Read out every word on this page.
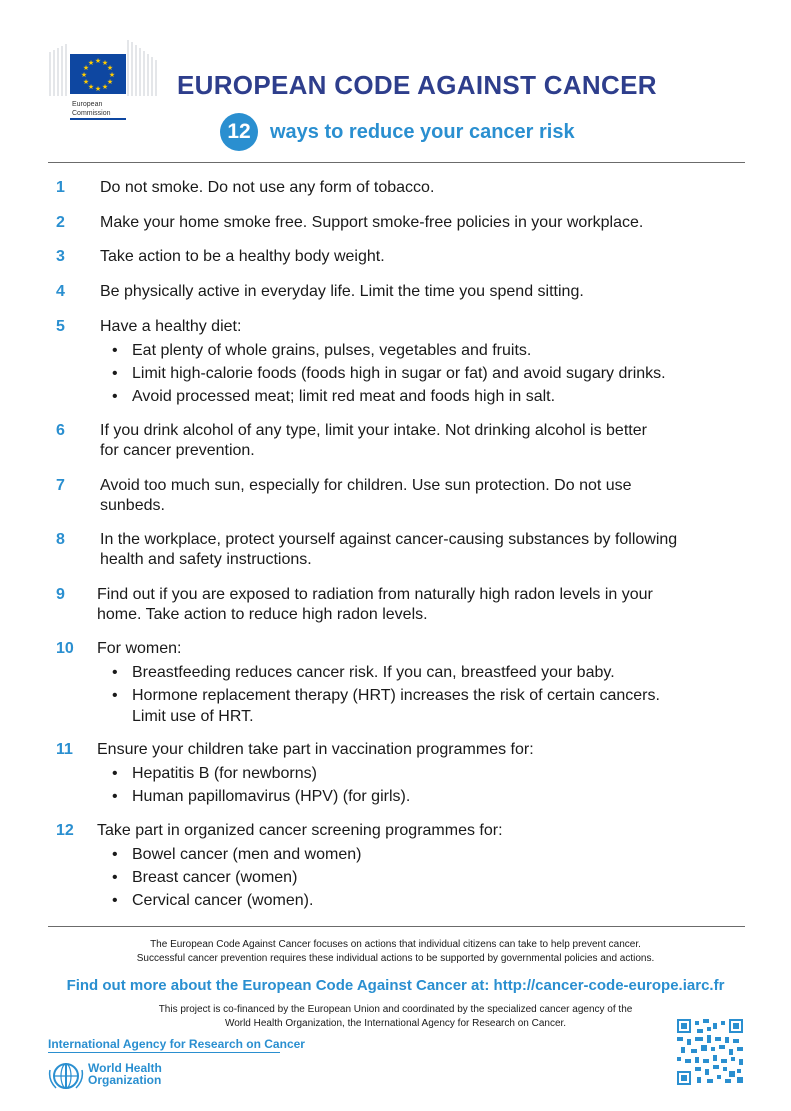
★ ★
★
★
★
★
★
★
★
★
★
★
European
Commission
EUROPEAN CODE AGAINST CANCER
12 ways to reduce your cancer risk
1 Do not smoke. Do not use any form of tobacco.
2 Make your home smoke free. Support smoke-free policies in your workplace.
3 Take action to be a healthy body weight.
4 Be physically active in everyday life. Limit the time you spend sitting.
5 Have a healthy diet:
• Eat plenty of whole grains, pulses, vegetables and fruits.
• Limit high-calorie foods (foods high in sugar or fat) and avoid sugary drinks.
• Avoid processed meat; limit red meat and foods high in salt.
6 If you drink alcohol of any type, limit your intake. Not drinking alcohol is better
for cancer prevention.
7 Avoid too much sun, especially for children. Use sun protection. Do not use
sunbeds.
8 In the workplace, protect yourself against cancer-causing substances by following
health and safety instructions.
9 Find out if you are exposed to radiation from naturally high radon levels in your
home. Take action to reduce high radon levels.
10 For women:
• Breastfeeding reduces cancer risk. If you can, breastfeed your baby.
• Hormone replacement therapy (HRT) increases the risk of certain cancers.
Limit use of HRT.
11 Ensure your children take part in vaccination programmes for:
• Hepatitis B (for newborns)
• Human papillomavirus (HPV) (for girls).
12 Take part in organized cancer screening programmes for:
• Bowel cancer (men and women)
• Breast cancer (women)
• Cervical cancer (women).
The European Code Against Cancer focuses on actions that individual citizens can take to help prevent cancer.
Successful cancer prevention requires these individual actions to be supported by governmental policies and actions.
Find out more about the European Code Against Cancer at: http://cancer-code-europe.iarc.fr
This project is co-financed by the European Union and coordinated by the specialized cancer agency of the
World Health Organization, the International Agency for Research on Cancer.
International Agency for Research on Cancer
World Health
Organization
